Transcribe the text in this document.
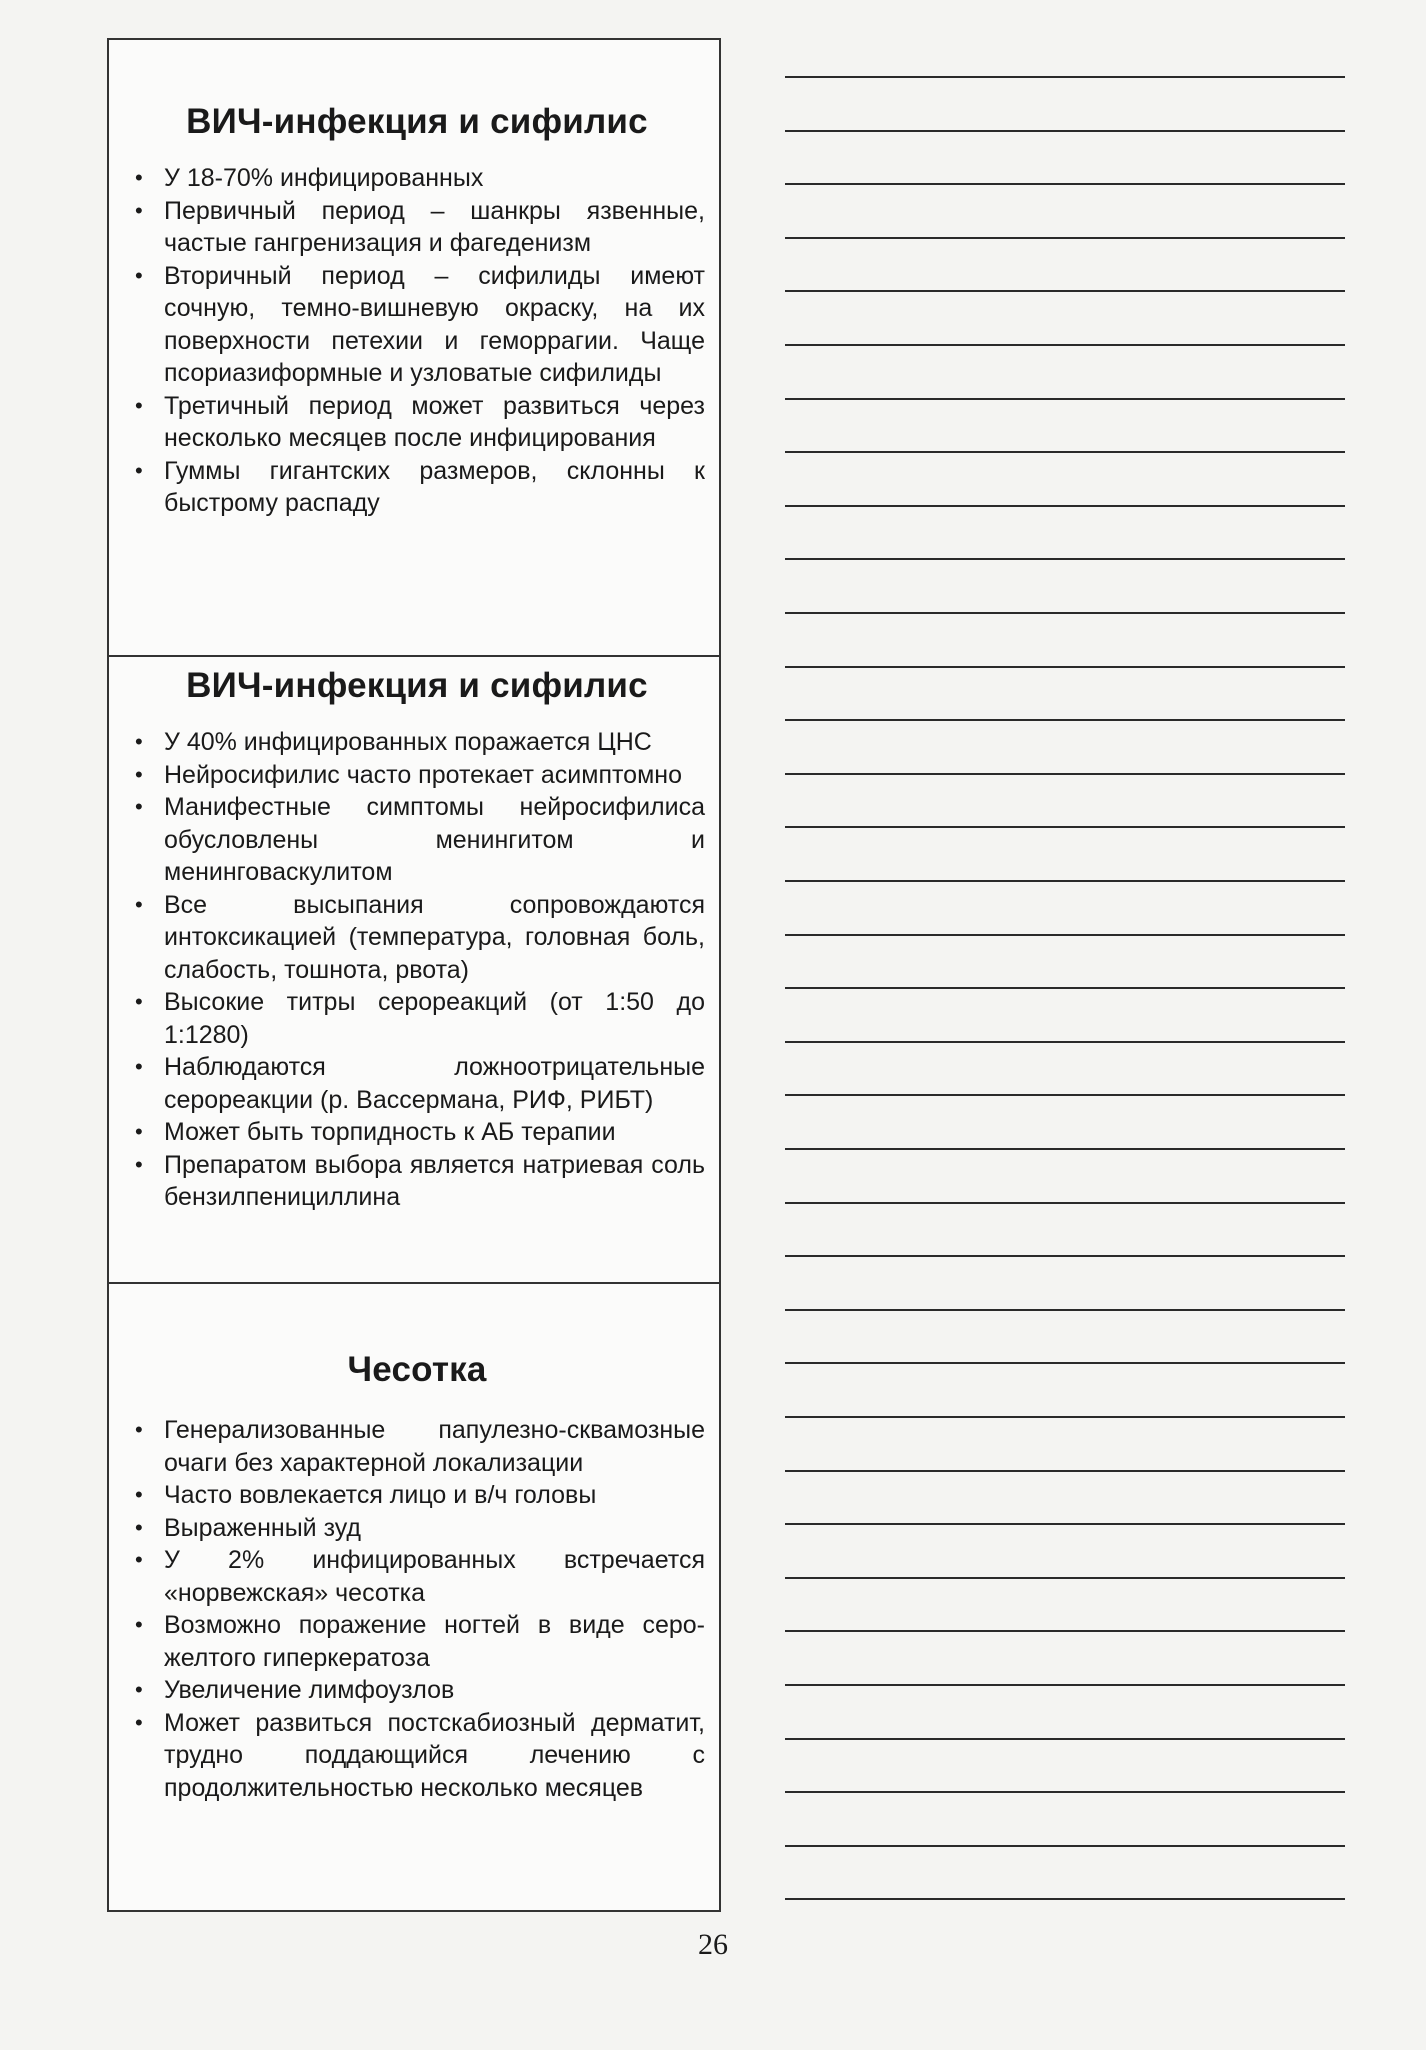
ВИЧ-инфекция и сифилис
• У 18-70% инфицированных
• Первичный период – шанкры язвенные, частые гангренизация и фагеденизм
• Вторичный период – сифилиды имеют сочную, темно-вишневую окраску, на их поверхности петехии и геморрагии. Чаще псориазиформные и узловатые сифилиды
• Третичный период может развиться через несколько месяцев после инфицирования
• Гуммы гигантских размеров, склонны к быстрому распаду
ВИЧ-инфекция и сифилис
• У 40% инфицированных поражается ЦНС
• Нейросифилис часто протекает асимптомно
• Манифестные симптомы нейросифилиса обусловлены менингитом и менинговаскулитом
• Все высыпания сопровождаются интоксикацией (температура, головная боль, слабость, тошнота, рвота)
• Высокие титры серореакций (от 1:50 до 1:1280)
• Наблюдаются ложноотрицательные серореакции (р. Вассермана, РИФ, РИБТ)
• Может быть торпидность к АБ терапии
• Препаратом выбора является натриевая соль бензилпенициллина
Чесотка
• Генерализованные папулезно-сквамозные очаги без характерной локализации
• Часто вовлекается лицо и в/ч головы
• Выраженный зуд
• У 2% инфицированных встречается «норвежская» чесотка
• Возможно поражение ногтей в виде серо-желтого гиперкератоза
• Увеличение лимфоузлов
• Может развиться постскабиозный дерматит, трудно поддающийся лечению с продолжительностью несколько месяцев
26
